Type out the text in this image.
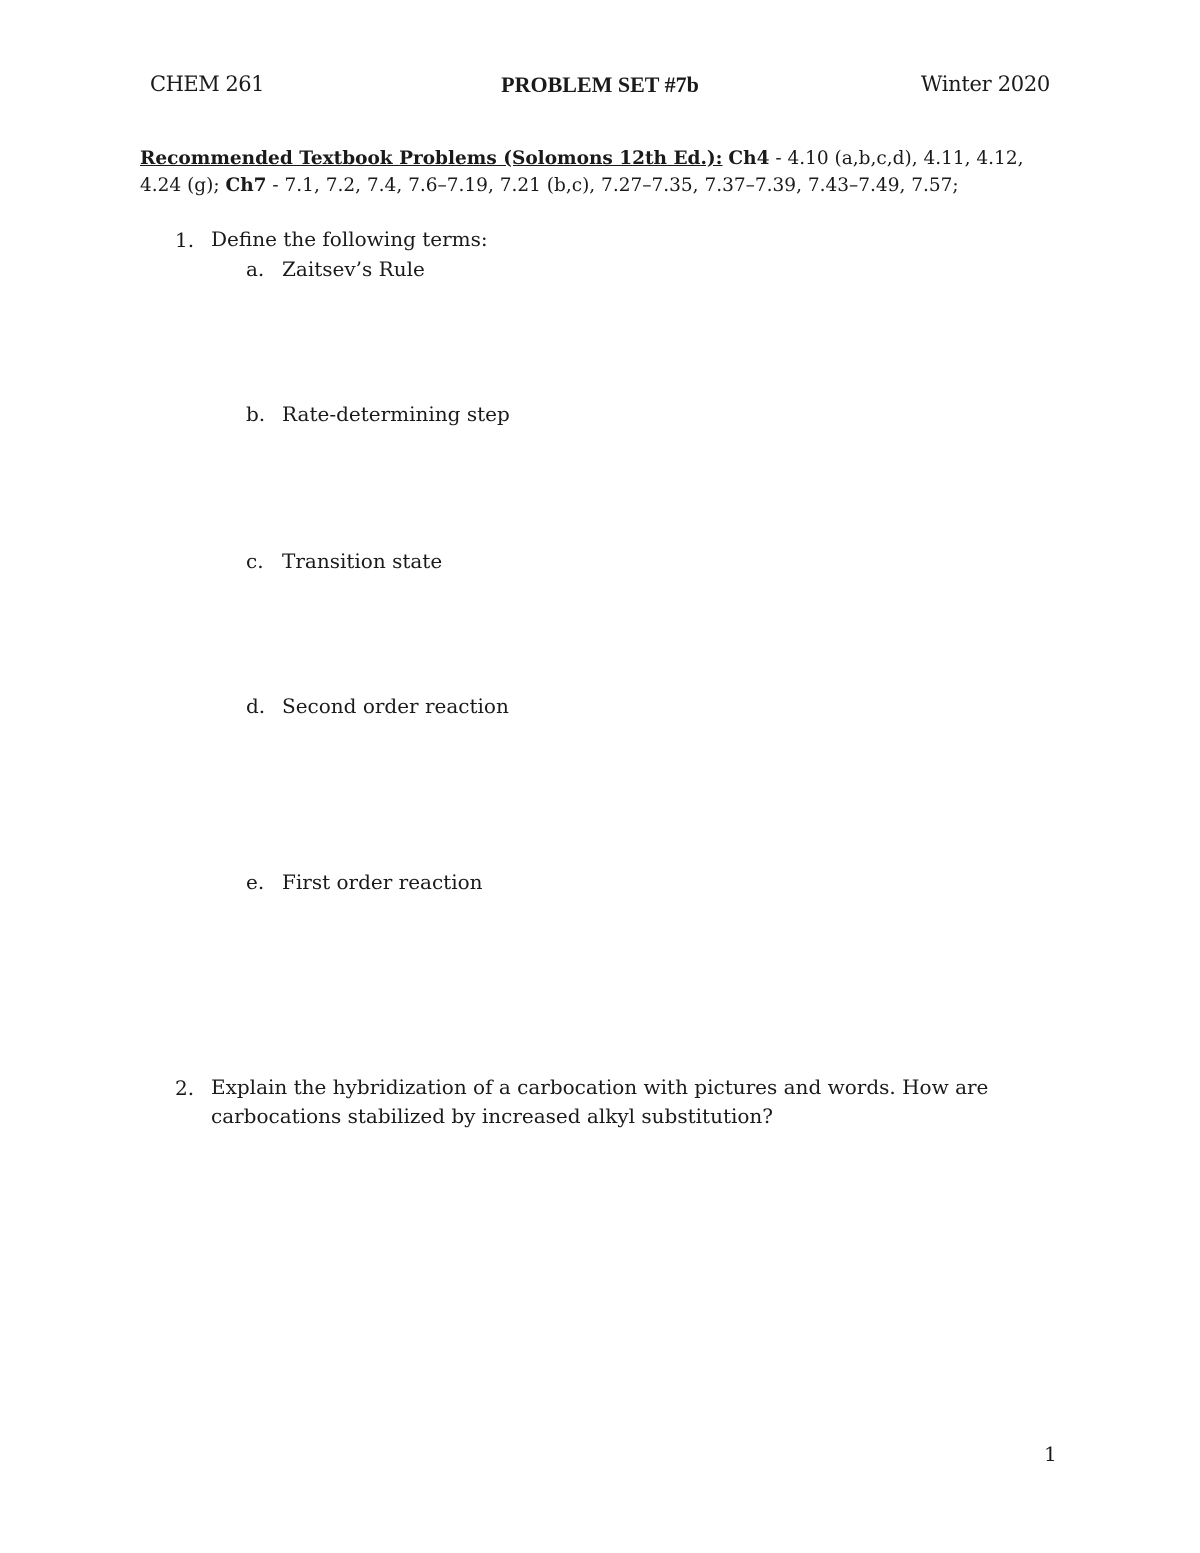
CHEM 261	PROBLEM SET #7b	Winter 2020
Recommended Textbook Problems (Solomons 12th Ed.): Ch4 - 4.10 (a,b,c,d), 4.11, 4.12, 4.24 (g); Ch7 - 7.1, 7.2, 7.4, 7.6–7.19, 7.21 (b,c), 7.27–7.35, 7.37–7.39, 7.43–7.49, 7.57;
1. Define the following terms:
a. Zaitsev’s Rule
b. Rate-determining step
c. Transition state
d. Second order reaction
e. First order reaction
2. Explain the hybridization of a carbocation with pictures and words. How are carbocations stabilized by increased alkyl substitution?
1
